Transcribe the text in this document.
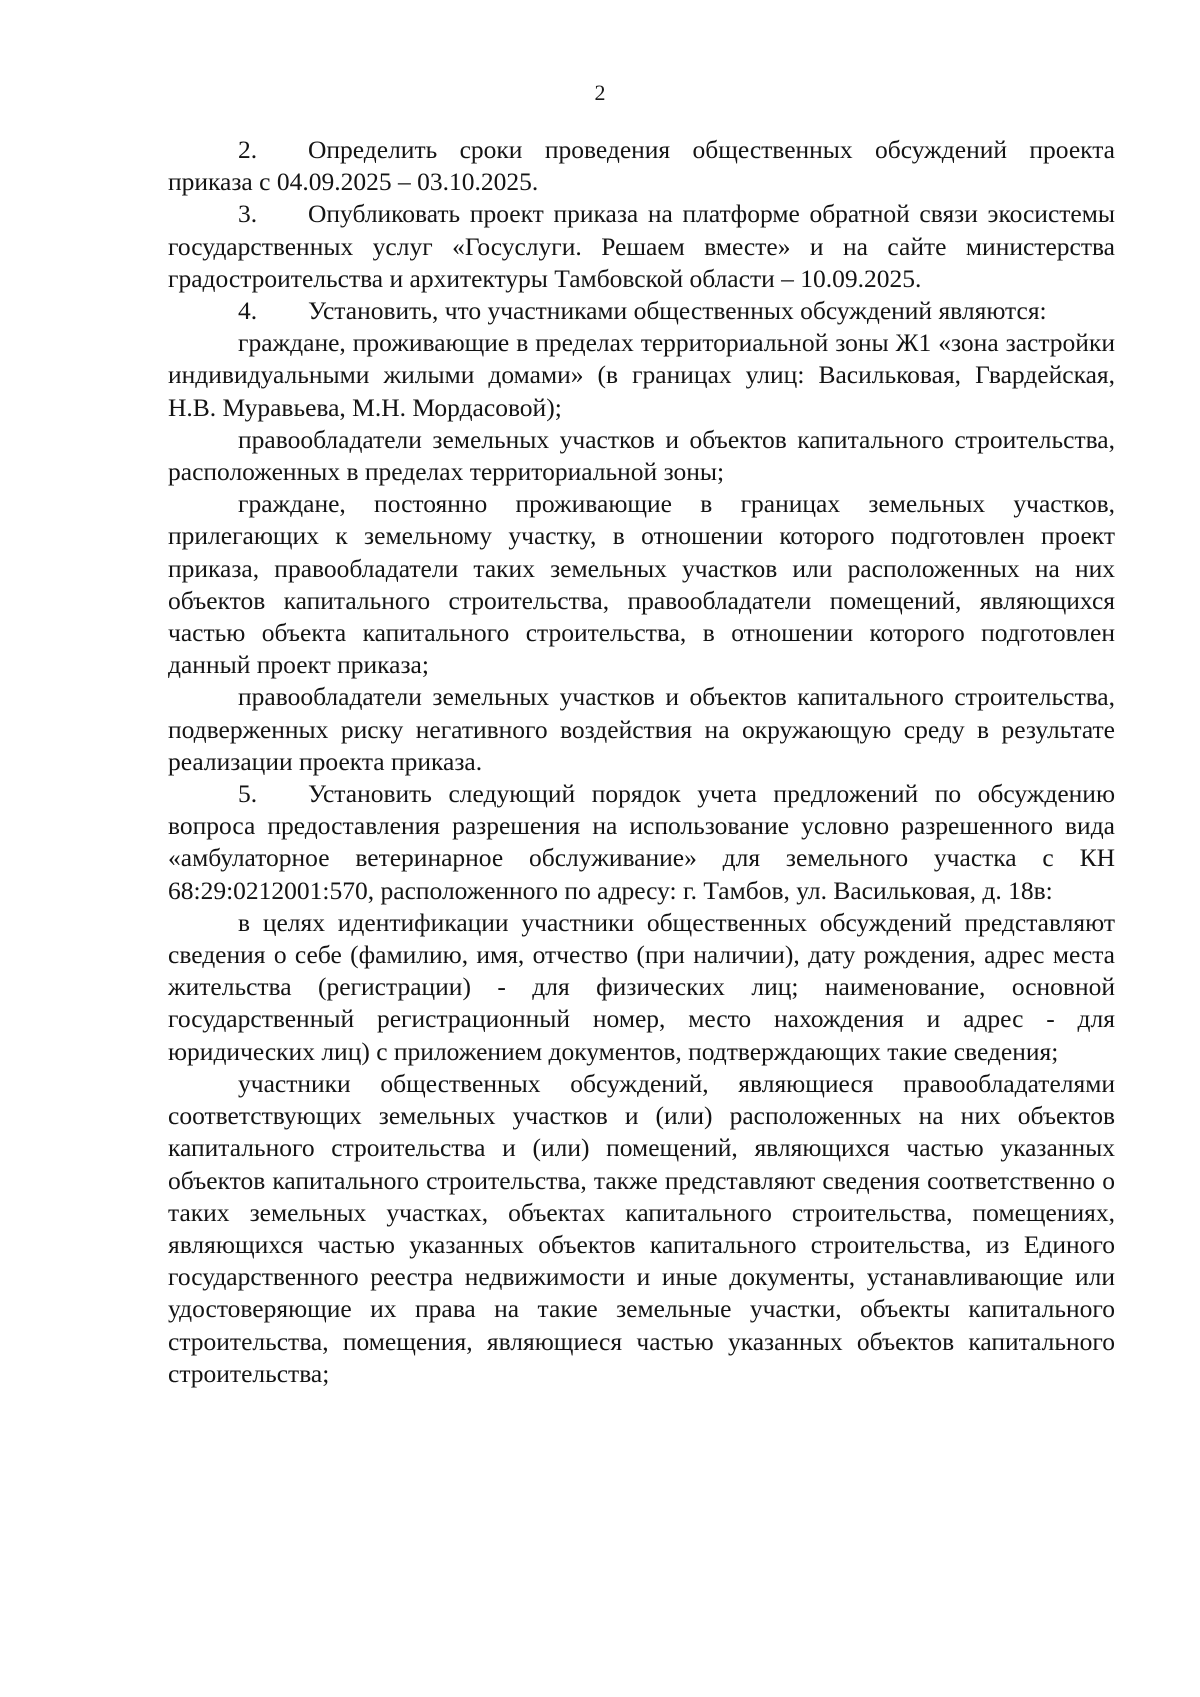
2

2. Определить сроки проведения общественных обсуждений проекта приказа с 04.09.2025 – 03.10.2025.

3. Опубликовать проект приказа на платформе обратной связи экосистемы государственных услуг «Госуслуги. Решаем вместе» и на сайте министерства градостроительства и архитектуры Тамбовской области – 10.09.2025.

4. Установить, что участниками общественных обсуждений являются:

граждане, проживающие в пределах территориальной зоны Ж1 «зона застройки индивидуальными жилыми домами» (в границах улиц: Васильковая, Гвардейская, Н.В. Муравьева, М.Н. Мордасовой);

правообладатели земельных участков и объектов капитального строительства, расположенных в пределах территориальной зоны;

граждане, постоянно проживающие в границах земельных участков, прилегающих к земельному участку, в отношении которого подготовлен проект приказа, правообладатели таких земельных участков или расположенных на них объектов капитального строительства, правообладатели помещений, являющихся частью объекта капитального строительства, в отношении которого подготовлен данный проект приказа;

правообладатели земельных участков и объектов капитального строительства, подверженных риску негативного воздействия на окружающую среду в результате реализации проекта приказа.

5. Установить следующий порядок учета предложений по обсуждению вопроса предоставления разрешения на использование условно разрешенного вида «амбулаторное ветеринарное обслуживание» для земельного участка с КН 68:29:0212001:570, расположенного по адресу: г. Тамбов, ул. Васильковая, д. 18в:

в целях идентификации участники общественных обсуждений представляют сведения о себе (фамилию, имя, отчество (при наличии), дату рождения, адрес места жительства (регистрации) - для физических лиц; наименование, основной государственный регистрационный номер, место нахождения и адрес - для юридических лиц) с приложением документов, подтверждающих такие сведения;

участники общественных обсуждений, являющиеся правообладателями соответствующих земельных участков и (или) расположенных на них объектов капитального строительства и (или) помещений, являющихся частью указанных объектов капитального строительства, также представляют сведения соответственно о таких земельных участках, объектах капитального строительства, помещениях, являющихся частью указанных объектов капитального строительства, из Единого государственного реестра недвижимости и иные документы, устанавливающие или удостоверяющие их права на такие земельные участки, объекты капитального строительства, помещения, являющиеся частью указанных объектов капитального строительства;
